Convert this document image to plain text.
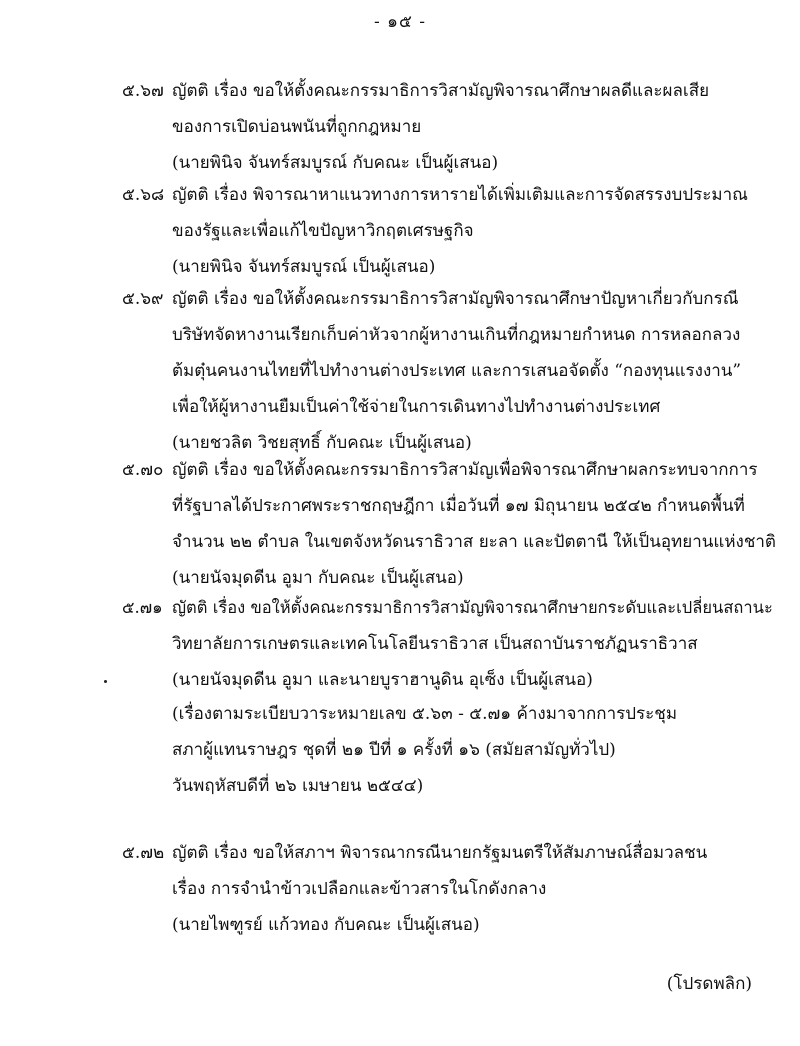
- ๑๕ -
๕.๖๗ ญัตติ เรื่อง ขอให้ตั้งคณะกรรมาธิการวิสามัญพิจารณาศึกษาผลดีและผลเสีย
ของการเปิดบ่อนพนันที่ถูกกฎหมาย
(นายพินิจ จันทร์สมบูรณ์ กับคณะ เป็นผู้เสนอ)
๕.๖๘ ญัตติ เรื่อง พิจารณาหาแนวทางการหารายได้เพิ่มเติมและการจัดสรรงบประมาณ
ของรัฐและเพื่อแก้ไขปัญหาวิกฤตเศรษฐกิจ
(นายพินิจ จันทร์สมบูรณ์ เป็นผู้เสนอ)
๕.๖๙ ญัตติ เรื่อง ขอให้ตั้งคณะกรรมาธิการวิสามัญพิจารณาศึกษาปัญหาเกี่ยวกับกรณี
บริษัทจัดหางานเรียกเก็บค่าหัวจากผู้หางานเกินที่กฎหมายกำหนด การหลอกลวง
ต้มตุ๋นคนงานไทยที่ไปทำงานต่างประเทศ และการเสนอจัดตั้ง “กองทุนแรงงาน”
เพื่อให้ผู้หางานยืมเป็นค่าใช้จ่ายในการเดินทางไปทำงานต่างประเทศ
(นายชวลิต วิชยสุทธิ์ กับคณะ เป็นผู้เสนอ)
๕.๗๐ ญัตติ เรื่อง ขอให้ตั้งคณะกรรมาธิการวิสามัญเพื่อพิจารณาศึกษาผลกระทบจากการ
ที่รัฐบาลได้ประกาศพระราชกฤษฎีกา เมื่อวันที่ ๑๗ มิถุนายน ๒๕๔๒ กำหนดพื้นที่
จำนวน ๒๒ ตำบล ในเขตจังหวัดนราธิวาส ยะลา และปัตตานี ให้เป็นอุทยานแห่งชาติ
(นายนัจมุดดีน อูมา กับคณะ เป็นผู้เสนอ)
๕.๗๑ ญัตติ เรื่อง ขอให้ตั้งคณะกรรมาธิการวิสามัญพิจารณาศึกษายกระดับและเปลี่ยนสถานะ
วิทยาลัยการเกษตรและเทคโนโลยีนราธิวาส เป็นสถาบันราชภัฏนราธิวาส
(นายนัจมุดดีน อูมา และนายบูราฮานูดิน อุเซ็ง เป็นผู้เสนอ)
(เรื่องตามระเบียบวาระหมายเลข ๕.๖๓ - ๕.๗๑ ค้างมาจากการประชุม
สภาผู้แทนราษฎร ชุดที่ ๒๑ ปีที่ ๑ ครั้งที่ ๑๖ (สมัยสามัญทั่วไป)
วันพฤหัสบดีที่ ๒๖ เมษายน ๒๕๔๔)
๕.๗๒ ญัตติ เรื่อง ขอให้สภาฯ พิจารณากรณีนายกรัฐมนตรีให้สัมภาษณ์สื่อมวลชน
เรื่อง การจำนำข้าวเปลือกและข้าวสารในโกดังกลาง
(นายไพฑูรย์ แก้วทอง กับคณะ เป็นผู้เสนอ)
(โปรดพลิก)
